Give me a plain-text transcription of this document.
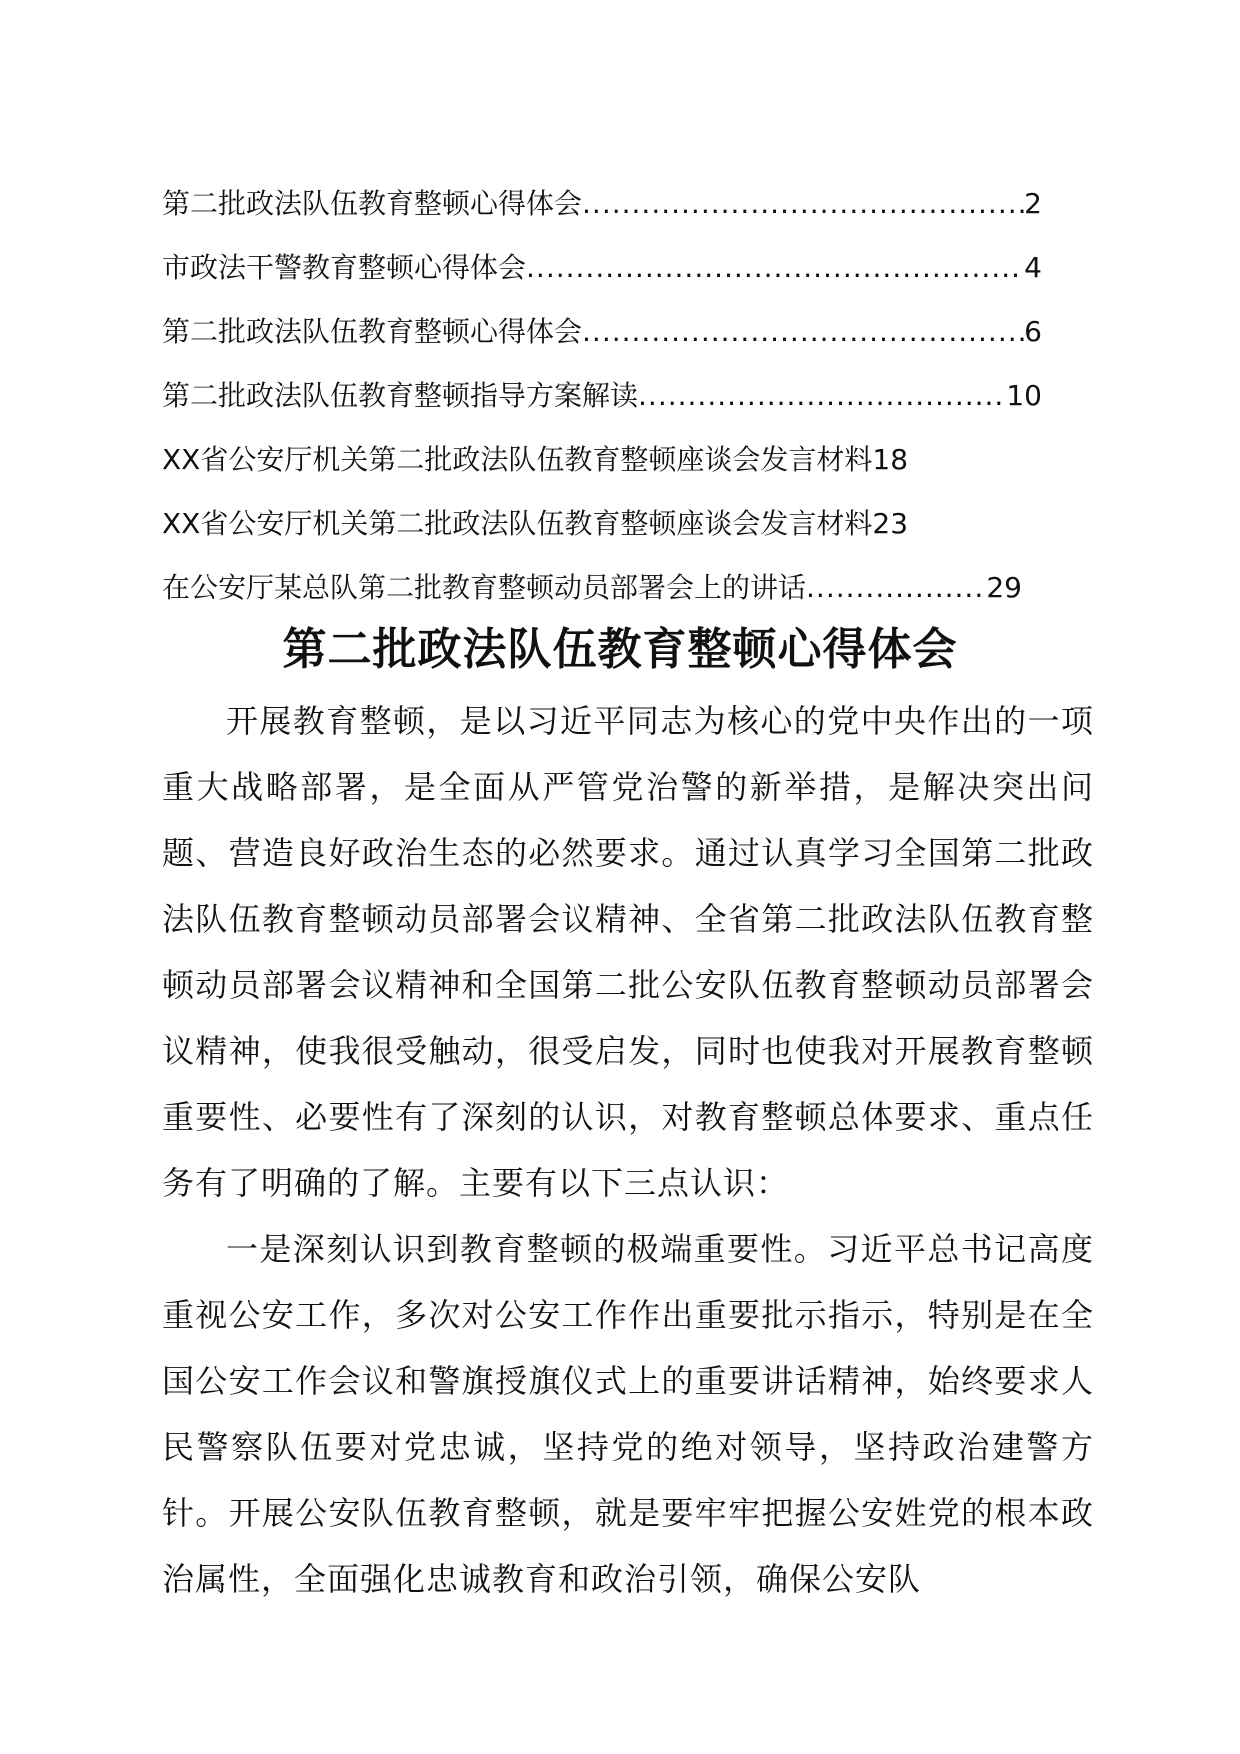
第二批政法队伍教育整顿心得体会 .....	2
市政法干警教育整顿心得体会 .....	4
第二批政法队伍教育整顿心得体会 .....	6
第二批政法队伍教育整顿指导方案解读 .....	10
XX省公安厅机关第二批政法队伍教育整顿座谈会发言材料 18
XX省公安厅机关第二批政法队伍教育整顿座谈会发言材料 23
在公安厅某总队第二批教育整顿动员部署会上的讲话 .....	29
第二批政法队伍教育整顿心得体会

开展教育整顿，是以习近平同志为核心的党中央作出的一项重大战略部署，是全面从严管党治警的新举措，是解决突出问题、营造良好政治生态的必然要求。通过认真学习全国第二批政法队伍教育整顿动员部署会议精神、全省第二批政法队伍教育整顿动员部署会议精神和全国第二批公安队伍教育整顿动员部署会议精神，使我很受触动，很受启发，同时也使我对开展教育整顿重要性、必要性有了深刻的认识，对教育整顿总体要求、重点任务有了明确的了解。主要有以下三点认识：

一是深刻认识到教育整顿的极端重要性。习近平总书记高度重视公安工作，多次对公安工作作出重要批示指示，特别是在全国公安工作会议和警旗授旗仪式上的重要讲话精神，始终要求人民警察队伍要对党忠诚，坚持党的绝对领导，坚持政治建警方针。开展公安队伍教育整顿，就是要牢牢把握公安姓党的根本政治属性，全面强化忠诚教育和政治引领，确保公安队
